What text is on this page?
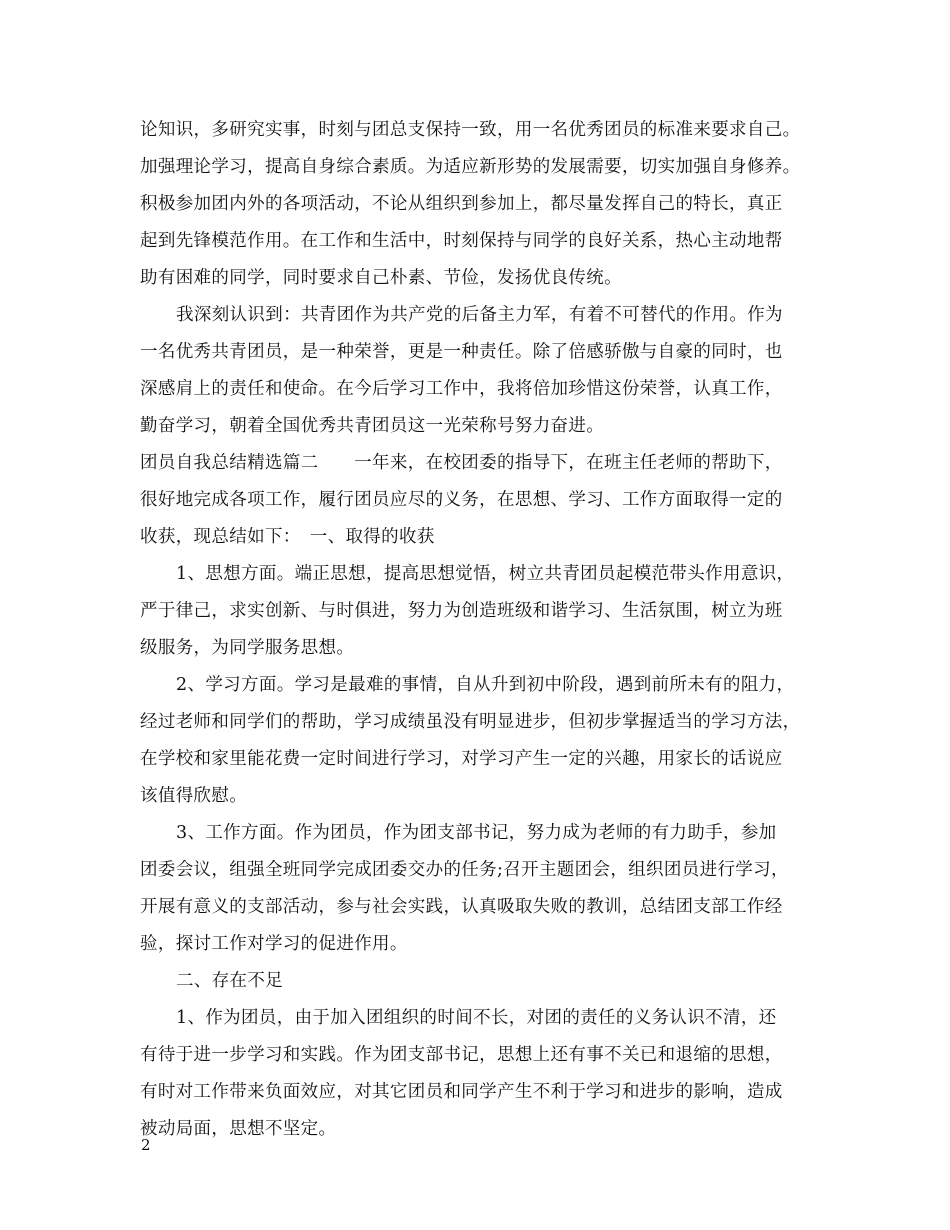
论知识，多研究实事，时刻与团总支保持一致，用一名优秀团员的标准来要求自己。
加强理论学习，提高自身综合素质。为适应新形势的发展需要，切实加强自身修养。
积极参加团内外的各项活动，不论从组织到参加上，都尽量发挥自己的特长，真正
起到先锋模范作用。在工作和生活中，时刻保持与同学的良好关系，热心主动地帮
助有困难的同学，同时要求自己朴素、节俭，发扬优良传统。
我深刻认识到：共青团作为共产党的后备主力军，有着不可替代的作用。作为
一名优秀共青团员，是一种荣誉，更是一种责任。除了倍感骄傲与自豪的同时，也
深感肩上的责任和使命。在今后学习工作中，我将倍加珍惜这份荣誉，认真工作，
勤奋学习，朝着全国优秀共青团员这一光荣称号努力奋进。
团员自我总结精选篇二　　一年来，在校团委的指导下，在班主任老师的帮助下，
很好地完成各项工作，履行团员应尽的义务，在思想、学习、工作方面取得一定的
收获，现总结如下：　一、取得的收获
1、思想方面。端正思想，提高思想觉悟，树立共青团员起模范带头作用意识，
严于律己，求实创新、与时俱进，努力为创造班级和谐学习、生活氛围，树立为班
级服务，为同学服务思想。
2、学习方面。学习是最难的事情，自从升到初中阶段，遇到前所未有的阻力，
经过老师和同学们的帮助，学习成绩虽没有明显进步，但初步掌握适当的学习方法，
在学校和家里能花费一定时间进行学习，对学习产生一定的兴趣，用家长的话说应
该值得欣慰。
3、工作方面。作为团员，作为团支部书记，努力成为老师的有力助手，参加
团委会议，组强全班同学完成团委交办的任务;召开主题团会，组织团员进行学习，
开展有意义的支部活动，参与社会实践，认真吸取失败的教训，总结团支部工作经
验，探讨工作对学习的促进作用。
二、存在不足
1、作为团员，由于加入团组织的时间不长，对团的责任的义务认识不清，还
有待于进一步学习和实践。作为团支部书记，思想上还有事不关已和退缩的思想，
有时对工作带来负面效应，对其它团员和同学产生不利于学习和进步的影响，造成
被动局面，思想不坚定。
2
